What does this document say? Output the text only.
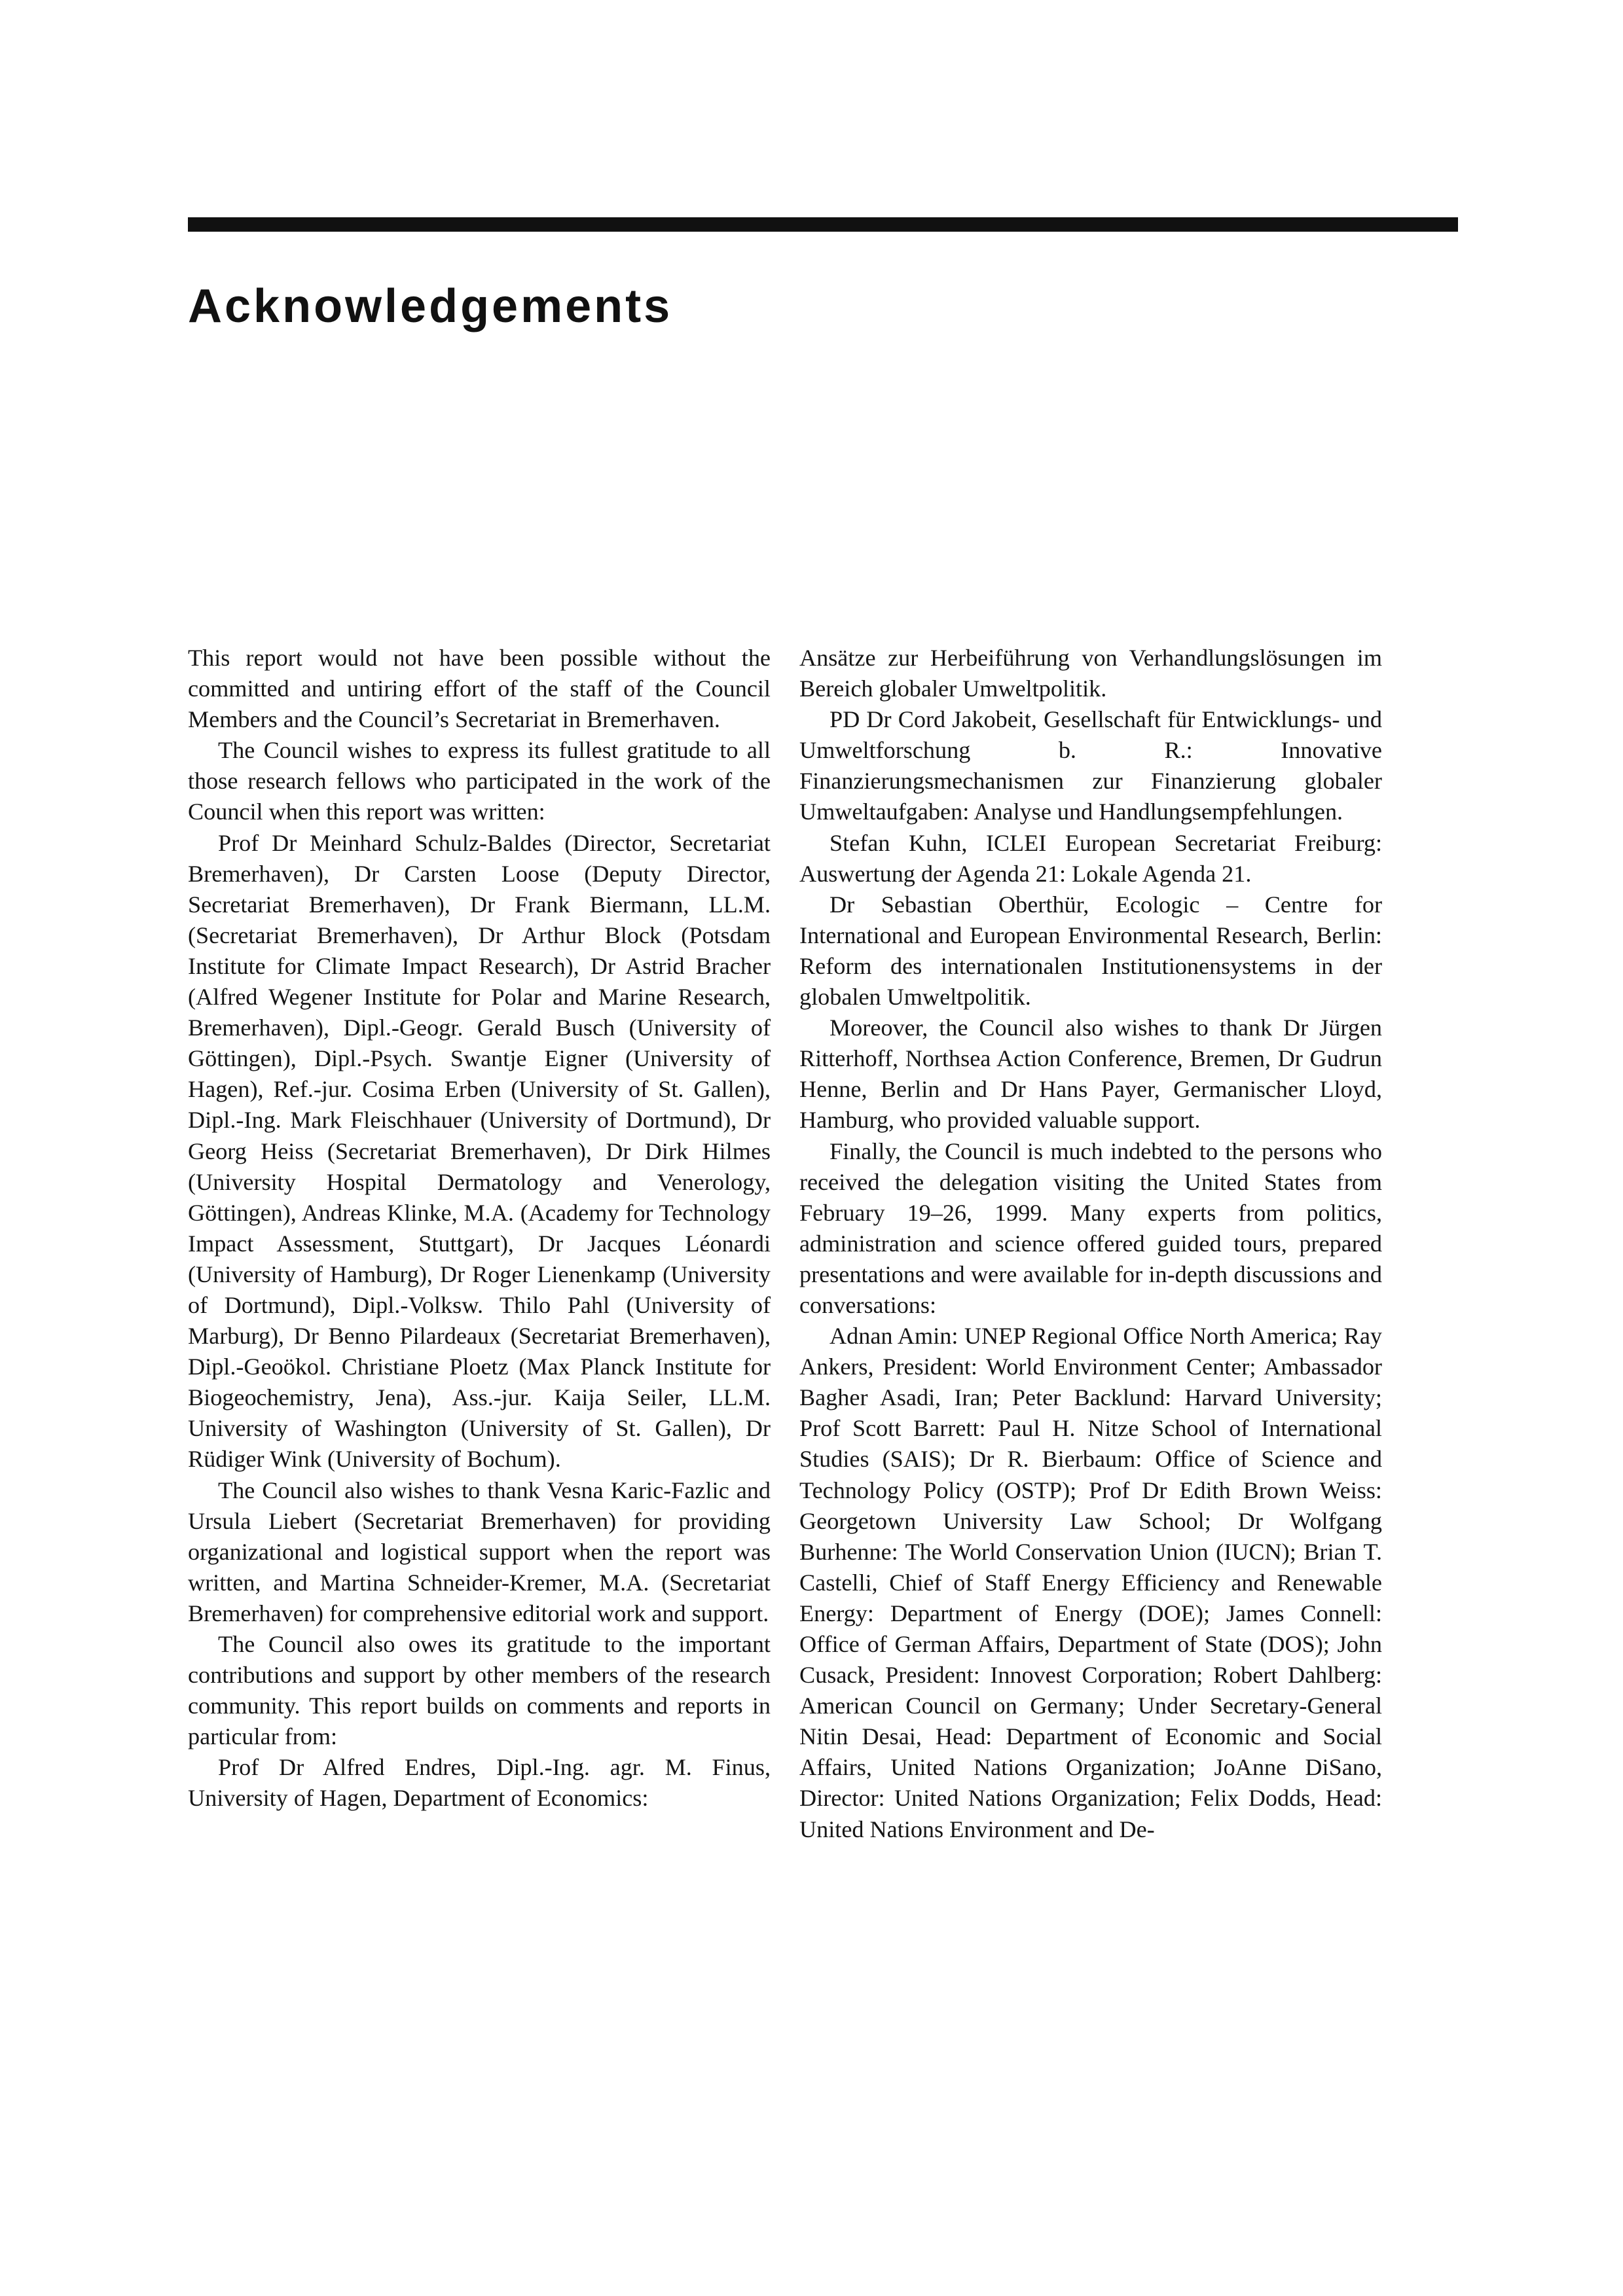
Acknowledgements

This report would not have been possible without the committed and untiring effort of the staff of the Council Members and the Council’s Secretariat in Bremerhaven.

The Council wishes to express its fullest gratitude to all those research fellows who participated in the work of the Council when this report was written:

Prof Dr Meinhard Schulz-Baldes (Director, Secretariat Bremerhaven), Dr Carsten Loose (Deputy Director, Secretariat Bremerhaven), Dr Frank Biermann, LL.M. (Secretariat Bremerhaven), Dr Arthur Block (Potsdam Institute for Climate Impact Research), Dr Astrid Bracher (Alfred Wegener Institute for Polar and Marine Research, Bremerhaven), Dipl.-Geogr. Gerald Busch (University of Göttingen), Dipl.-Psych. Swantje Eigner (University of Hagen), Ref.-jur. Cosima Erben (University of St. Gallen), Dipl.-Ing. Mark Fleischhauer (University of Dortmund), Dr Georg Heiss (Secretariat Bremerhaven), Dr Dirk Hilmes (University Hospital Dermatology and Venerology, Göttingen), Andreas Klinke, M.A. (Academy for Technology Impact Assessment, Stuttgart), Dr Jacques Léonardi (University of Hamburg), Dr Roger Lienenkamp (University of Dortmund), Dipl.-Volksw. Thilo Pahl (University of Marburg), Dr Benno Pilardeaux (Secretariat Bremerhaven), Dipl.-Geoökol. Christiane Ploetz (Max Planck Institute for Biogeochemistry, Jena), Ass.-jur. Kaija Seiler, LL.M. University of Washington (University of St. Gallen), Dr Rüdiger Wink (University of Bochum).

The Council also wishes to thank Vesna Karic-Fazlic and Ursula Liebert (Secretariat Bremerhaven) for providing organizational and logistical support when the report was written, and Martina Schneider-Kremer, M.A. (Secretariat Bremerhaven) for comprehensive editorial work and support.

The Council also owes its gratitude to the important contributions and support by other members of the research community. This report builds on comments and reports in particular from:

Prof Dr Alfred Endres, Dipl.-Ing. agr. M. Finus, University of Hagen, Department of Economics:

Ansätze zur Herbeiführung von Verhandlungslösungen im Bereich globaler Umweltpolitik.

PD Dr Cord Jakobeit, Gesellschaft für Entwicklungs- und Umweltforschung b. R.: Innovative Finanzierungsmechanismen zur Finanzierung globaler Umweltaufgaben: Analyse und Handlungsempfehlungen.

Stefan Kuhn, ICLEI European Secretariat Freiburg: Auswertung der Agenda 21: Lokale Agenda 21.

Dr Sebastian Oberthür, Ecologic – Centre for International and European Environmental Research, Berlin: Reform des internationalen Institutionensystems in der globalen Umweltpolitik.

Moreover, the Council also wishes to thank Dr Jürgen Ritterhoff, Northsea Action Conference, Bremen, Dr Gudrun Henne, Berlin and Dr Hans Payer, Germanischer Lloyd, Hamburg, who provided valuable support.

Finally, the Council is much indebted to the persons who received the delegation visiting the United States from February 19–26, 1999. Many experts from politics, administration and science offered guided tours, prepared presentations and were available for in-depth discussions and conversations:

Adnan Amin: UNEP Regional Office North America; Ray Ankers, President: World Environment Center; Ambassador Bagher Asadi, Iran; Peter Backlund: Harvard University; Prof Scott Barrett: Paul H. Nitze School of International Studies (SAIS); Dr R. Bierbaum: Office of Science and Technology Policy (OSTP); Prof Dr Edith Brown Weiss: Georgetown University Law School; Dr Wolfgang Burhenne: The World Conservation Union (IUCN); Brian T. Castelli, Chief of Staff Energy Efficiency and Renewable Energy: Department of Energy (DOE); James Connell: Office of German Affairs, Department of State (DOS); John Cusack, President: Innovest Corporation; Robert Dahlberg: American Council on Germany; Under Secretary-General Nitin Desai, Head: Department of Economic and Social Affairs, United Nations Organization; JoAnne DiSano, Director: United Nations Organization; Felix Dodds, Head: United Nations Environment and De-
